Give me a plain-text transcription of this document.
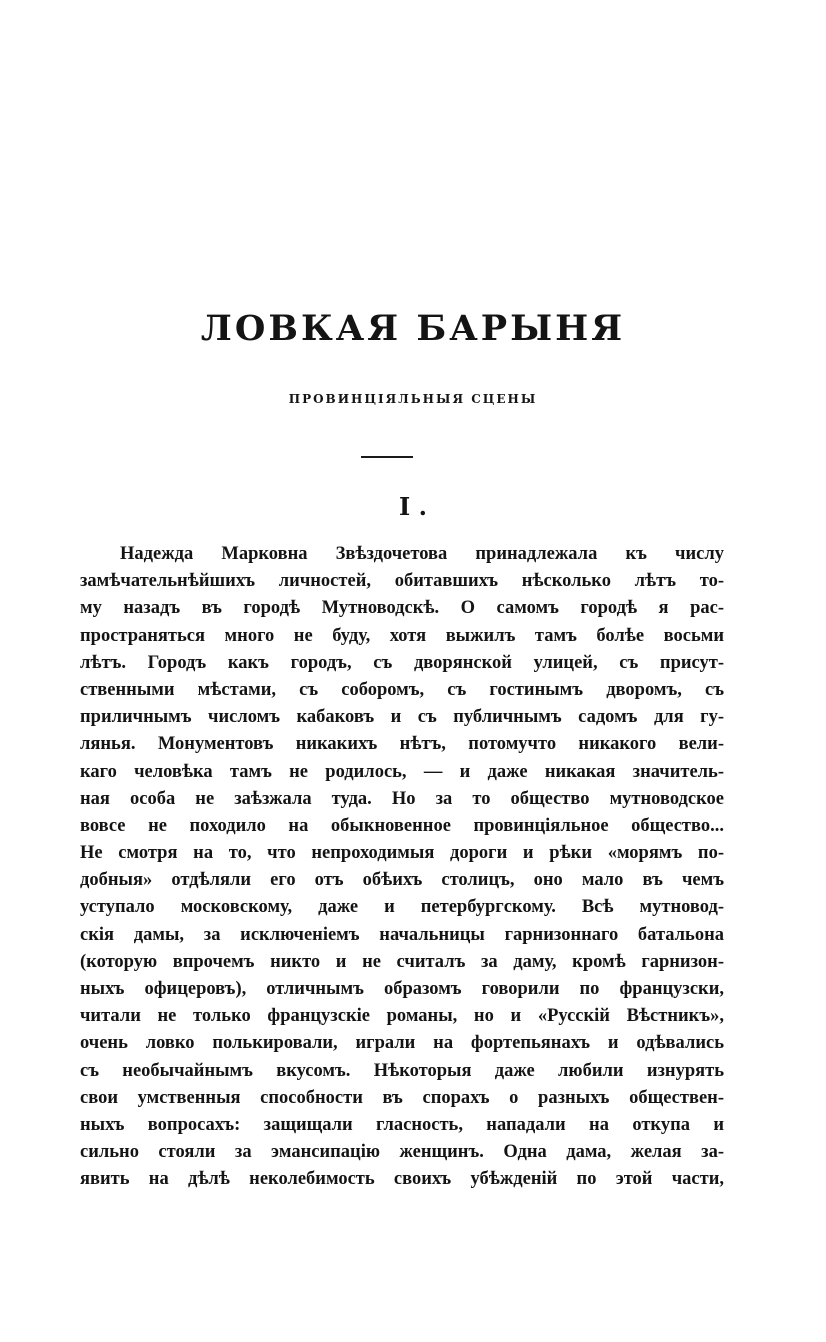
ЛОВКАЯ БАРЫНЯ
ПРОВИНЦІЯЛЬНЫЯ СЦЕНЫ
I .
Надежда Марковна Звѣздочетова принадлежала къ числу
замѣчательнѣйшихъ личностей, обитавшихъ нѣсколько лѣтъ то-
му назадъ въ городѣ Мутноводскѣ. О самомъ городѣ я рас-
пространяться много не буду, хотя выжилъ тамъ болѣе восьми
лѣтъ. Городъ какъ городъ, съ дворянской улицей, съ присут-
ственными мѣстами, съ соборомъ, съ гостинымъ дворомъ, съ
приличнымъ числомъ кабаковъ и съ публичнымъ садомъ для гу-
лянья. Монументовъ никакихъ нѣтъ, потомучто никакого вели-
каго человѣка тамъ не родилось, — и даже никакая значитель-
ная особа не заѣзжала туда. Но за то общество мутноводское
вовсе не походило на обыкновенное провинціяльное общество...
Не смотря на то, что непроходимыя дороги и рѣки «морямъ по-
добныя» отдѣляли его отъ обѣихъ столицъ, оно мало въ чемъ
уступало московскому, даже и петербургскому. Всѣ мутновод-
скія дамы, за исключеніемъ начальницы гарнизоннаго батальона
(которую впрочемъ никто и не считалъ за даму, кромѣ гарнизон-
ныхъ офицеровъ), отличнымъ образомъ говорили по французски,
читали не только французскіе романы, но и «Русскій Вѣстникъ»,
очень ловко полькировали, играли на фортепьянахъ и одѣвались
съ необычайнымъ вкусомъ. Нѣкоторыя даже любили изнурять
свои умственныя способности въ спорахъ о разныхъ обществен-
ныхъ вопросахъ: защищали гласность, нападали на откупа и
сильно стояли за эмансипацію женщинъ. Одна дама, желая за-
явить на дѣлѣ неколебимость своихъ убѣжденій по этой части,
